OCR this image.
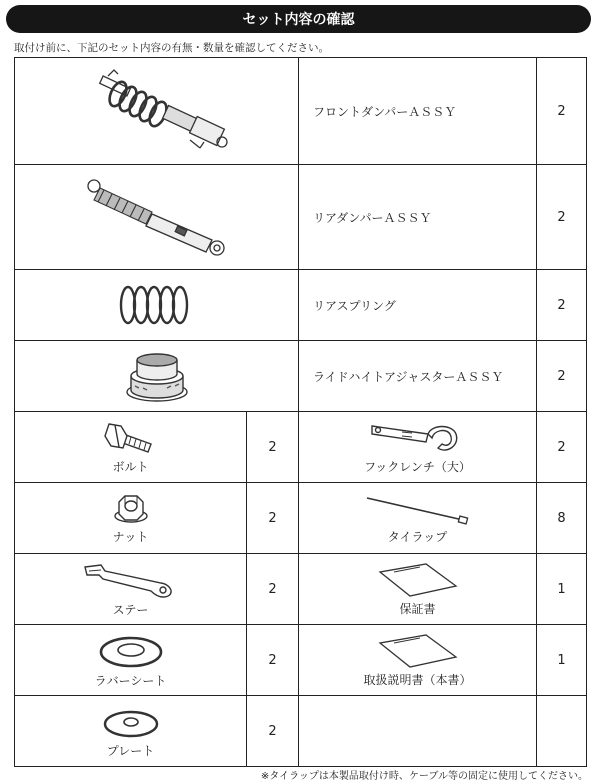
セット内容の確認
取付け前に、下記のセット内容の有無・数量を確認してください。
	フロントダンパーＡＳＳＹ	2

	リアダンパーＡＳＳＹ	2

	リアスプリング	2

	ライドハイトアジャスターＡＳＳＹ	2

ボルト	2	フックレンチ（大）	2

ナット	2	タイラップ	8

ステー	2	保証書	1

ラバーシート	2	取扱説明書（本書）	1

プレート	2	

※タイラップは本製品取付け時、ケーブル等の固定に使用してください。
